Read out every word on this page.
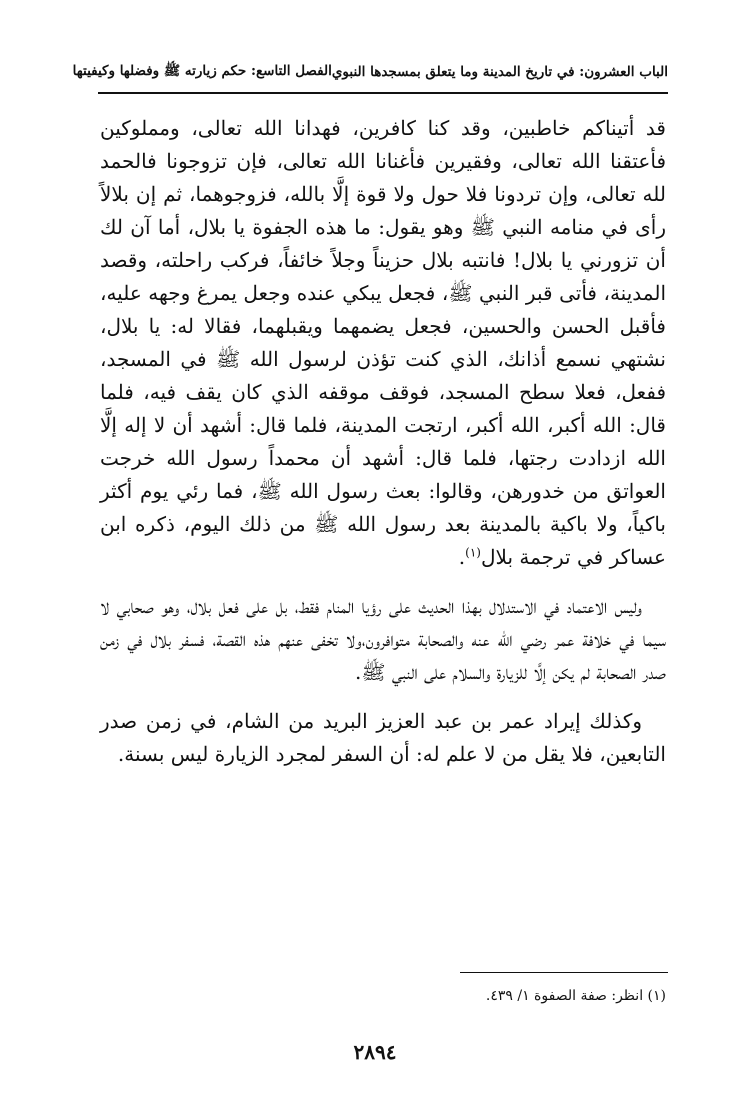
الباب العشرون: في تاريخ المدينة وما يتعلق بمسجدها النبوي
الفصل التاسع: حكم زيارته ﷺ وفضلها وكيفيتها

قد أتيناكم خاطبين، وقد كنا كافرين، فهدانا الله تعالى، ومملوكين فأعتقنا الله تعالى، وفقيرين فأغنانا الله تعالى، فإن تزوجونا فالحمد لله تعالى، وإن تردونا فلا حول ولا قوة إلَّا بالله، فزوجوهما، ثم إن بلالاً رأى في منامه النبي ﷺ وهو يقول: ما هذه الجفوة يا بلال، أما آن لك أن تزورني يا بلال! فانتبه بلال حزيناً وجلاً خائفاً، فركب راحلته، وقصد المدينة، فأتى قبر النبي ﷺ، فجعل يبكي عنده وجعل يمرغ وجهه عليه، فأقبل الحسن والحسين، فجعل يضمهما ويقبلهما، فقالا له: يا بلال، نشتهي نسمع أذانك، الذي كنت تؤذن لرسول الله ﷺ في المسجد، ففعل، فعلا سطح المسجد، فوقف موقفه الذي كان يقف فيه، فلما قال: الله أكبر، الله أكبر، ارتجت المدينة، فلما قال: أشهد أن لا إله إلَّا الله ازدادت رجتها، فلما قال: أشهد أن محمداً رسول الله خرجت العواتق من خدورهن، وقالوا: بعث رسول الله ﷺ، فما رئي يوم أكثر باكياً، ولا باكية بالمدينة بعد رسول الله ﷺ من ذلك اليوم، ذكره ابن عساكر في ترجمة بلال$^{(١)}$.

وليس الاعتماد في الاستدلال بهذا الحديث على رؤيا المنام فقط، بل على فعل بلال، وهو صحابي لا سيما في خلافة عمر رضي الله عنه والصحابة متوافرون،ولا تخفى عنهم هذه القصة، فسفر بلال في زمن صدر الصحابة لم يكن إلَّا للزيارة والسلام على النبي ﷺ.

وكذلك إيراد عمر بن عبد العزيز البريد من الشام، في زمن صدر التابعين، فلا يقل من لا علم له: أن السفر لمجرد الزيارة ليس بسنة.

(١) انظر: صفة الصفوة ١/ ٤٣٩.
٢٨٩٤
